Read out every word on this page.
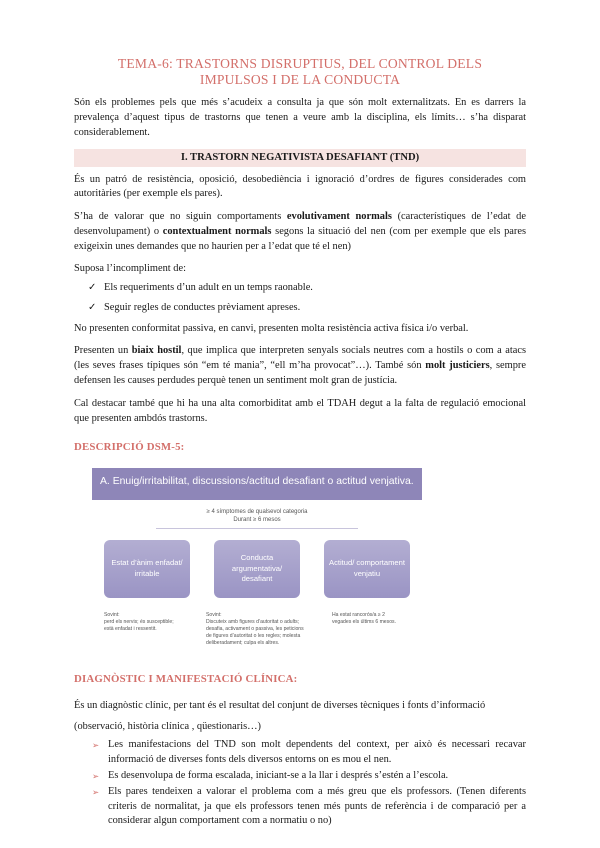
TEMA-6: TRASTORNS DISRUPTIUS, DEL CONTROL DELS
IMPULSOS I DE LA CONDUCTA

Són els problemes pels que més s’acudeix a consulta ja que són molt externalitzats. En es darrers la prevalença d’aquest tipus de trastorns que tenen a veure amb la disciplina, els límits… s’ha disparat considerablement.

I. TRASTORN NEGATIVISTA DESAFIANT (TND)

És un patró de resistència, oposició, desobediència i ignoració d’ordres de figures considerades com autoritàries (per exemple els pares).

S’ha de valorar que no siguin comportaments evolutivament normals (característiques de l’edat de desenvolupament) o contextualment normals segons la situació del nen (com per exemple que els pares exigeixin unes demandes que no haurien per a l’edat que té el nen)

Suposa l’incompliment de:

✓ Els requeriments d’un adult en un temps raonable.
✓ Seguir regles de conductes prèviament apreses.

No presenten conformitat passiva, en canvi, presenten molta resistència activa física i/o verbal.

Presenten un biaix hostil, que implica que interpreten senyals socials neutres com a hostils o com a atacs (les seves frases típiques són “em té mania”, “ell m’ha provocat”…). També són molt justiciers, sempre defensen les causes perdudes perquè tenen un sentiment molt gran de justícia.

Cal destacar també que hi ha una alta comorbiditat amb el TDAH degut a la falta de regulació emocional que presenten ambdós trastorns.

DESCRIPCIÓ DSM-5:
A. Enuig/irritabilitat, discussions/actitud desafiant o actitud venjativa.
≥ 4 símptomes de qualsevol categoria
Durant ≥ 6 mesos
Estat d’ànim enfadat/ irritable
Conducta argumentativa/ desafiant
Actitud/ comportament venjatiu
Sovint:
perd els nervis; és susceptible;
està enfadat i ressentit.
Sovint:
Discuteix amb figures d’autoritat o adults;
desafia, activament o passiva, les peticions
de figures d’autoritat o les regles; molesta
deliberadament; culpa els altres.
Ha estat rancorós/a ≥ 2
vegades els últims 6 mesos.
DIAGNÒSTIC I MANIFESTACIÓ CLÍNICA:

És un diagnòstic clínic, per tant és el resultat del conjunt de diverses tècniques i fonts d’informació

(observació, història clínica , qüestionaris…)

➢ Les manifestacions del TND son molt dependents del context, per això és necessari recavar informació de diverses fonts dels diversos entorns on es mou el nen.
➢ Es desenvolupa de forma escalada, iniciant-se a la llar i després s’estén a l’escola.
➢ Els pares tendeixen a valorar el problema com a més greu que els professors. (Tenen diferents criteris de normalitat, ja que els professors tenen més punts de referència i de comparació per a considerar algun comportament com a normatiu o no)
